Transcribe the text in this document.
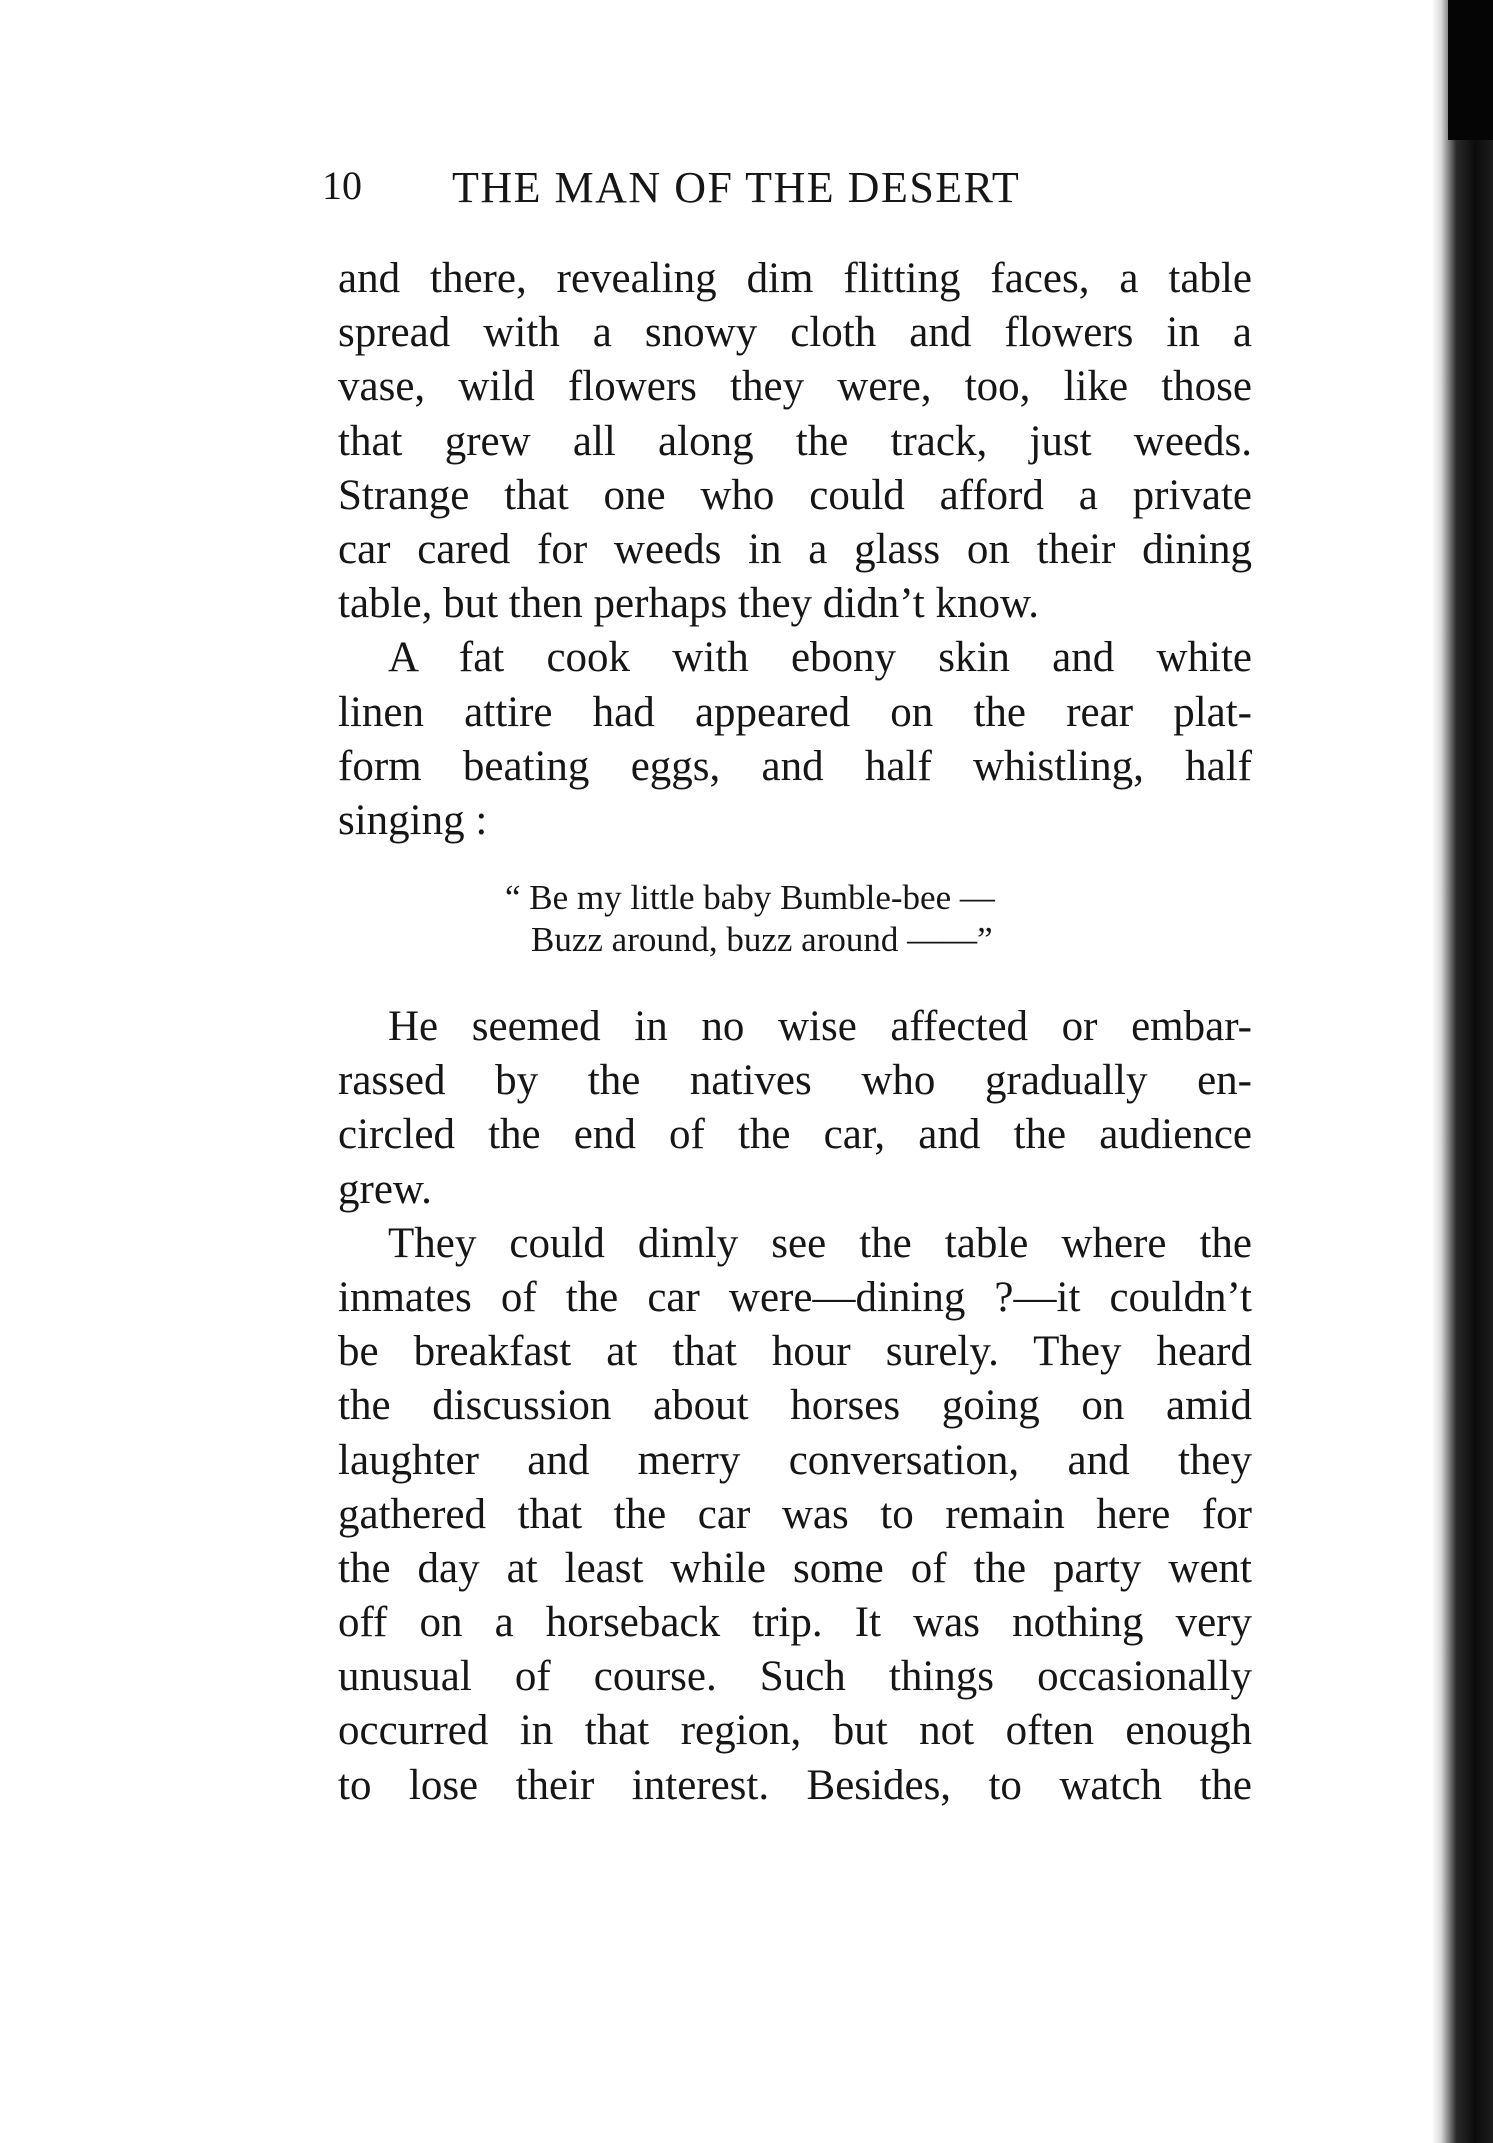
10 THE MAN OF THE DESERT
and there, revealing dim flitting faces, a table
spread with a snowy cloth and flowers in a
vase, wild flowers they were, too, like those
that grew all along the track, just weeds.
Strange that one who could afford a private
car cared for weeds in a glass on their dining
table, but then perhaps they didn’t know.
A fat cook with ebony skin and white
linen attire had appeared on the rear plat-
form beating eggs, and half whistling, half
singing :
“ Be my little baby Bumble-bee —
Buzz around, buzz around ——”
He seemed in no wise affected or embar-
rassed by the natives who gradually en-
circled the end of the car, and the audience
grew.
They could dimly see the table where the
inmates of the car were—dining ?—it couldn’t
be breakfast at that hour surely. They heard
the discussion about horses going on amid
laughter and merry conversation, and they
gathered that the car was to remain here for
the day at least while some of the party went
off on a horseback trip. It was nothing very
unusual of course. Such things occasionally
occurred in that region, but not often enough
to lose their interest. Besides, to watch the
